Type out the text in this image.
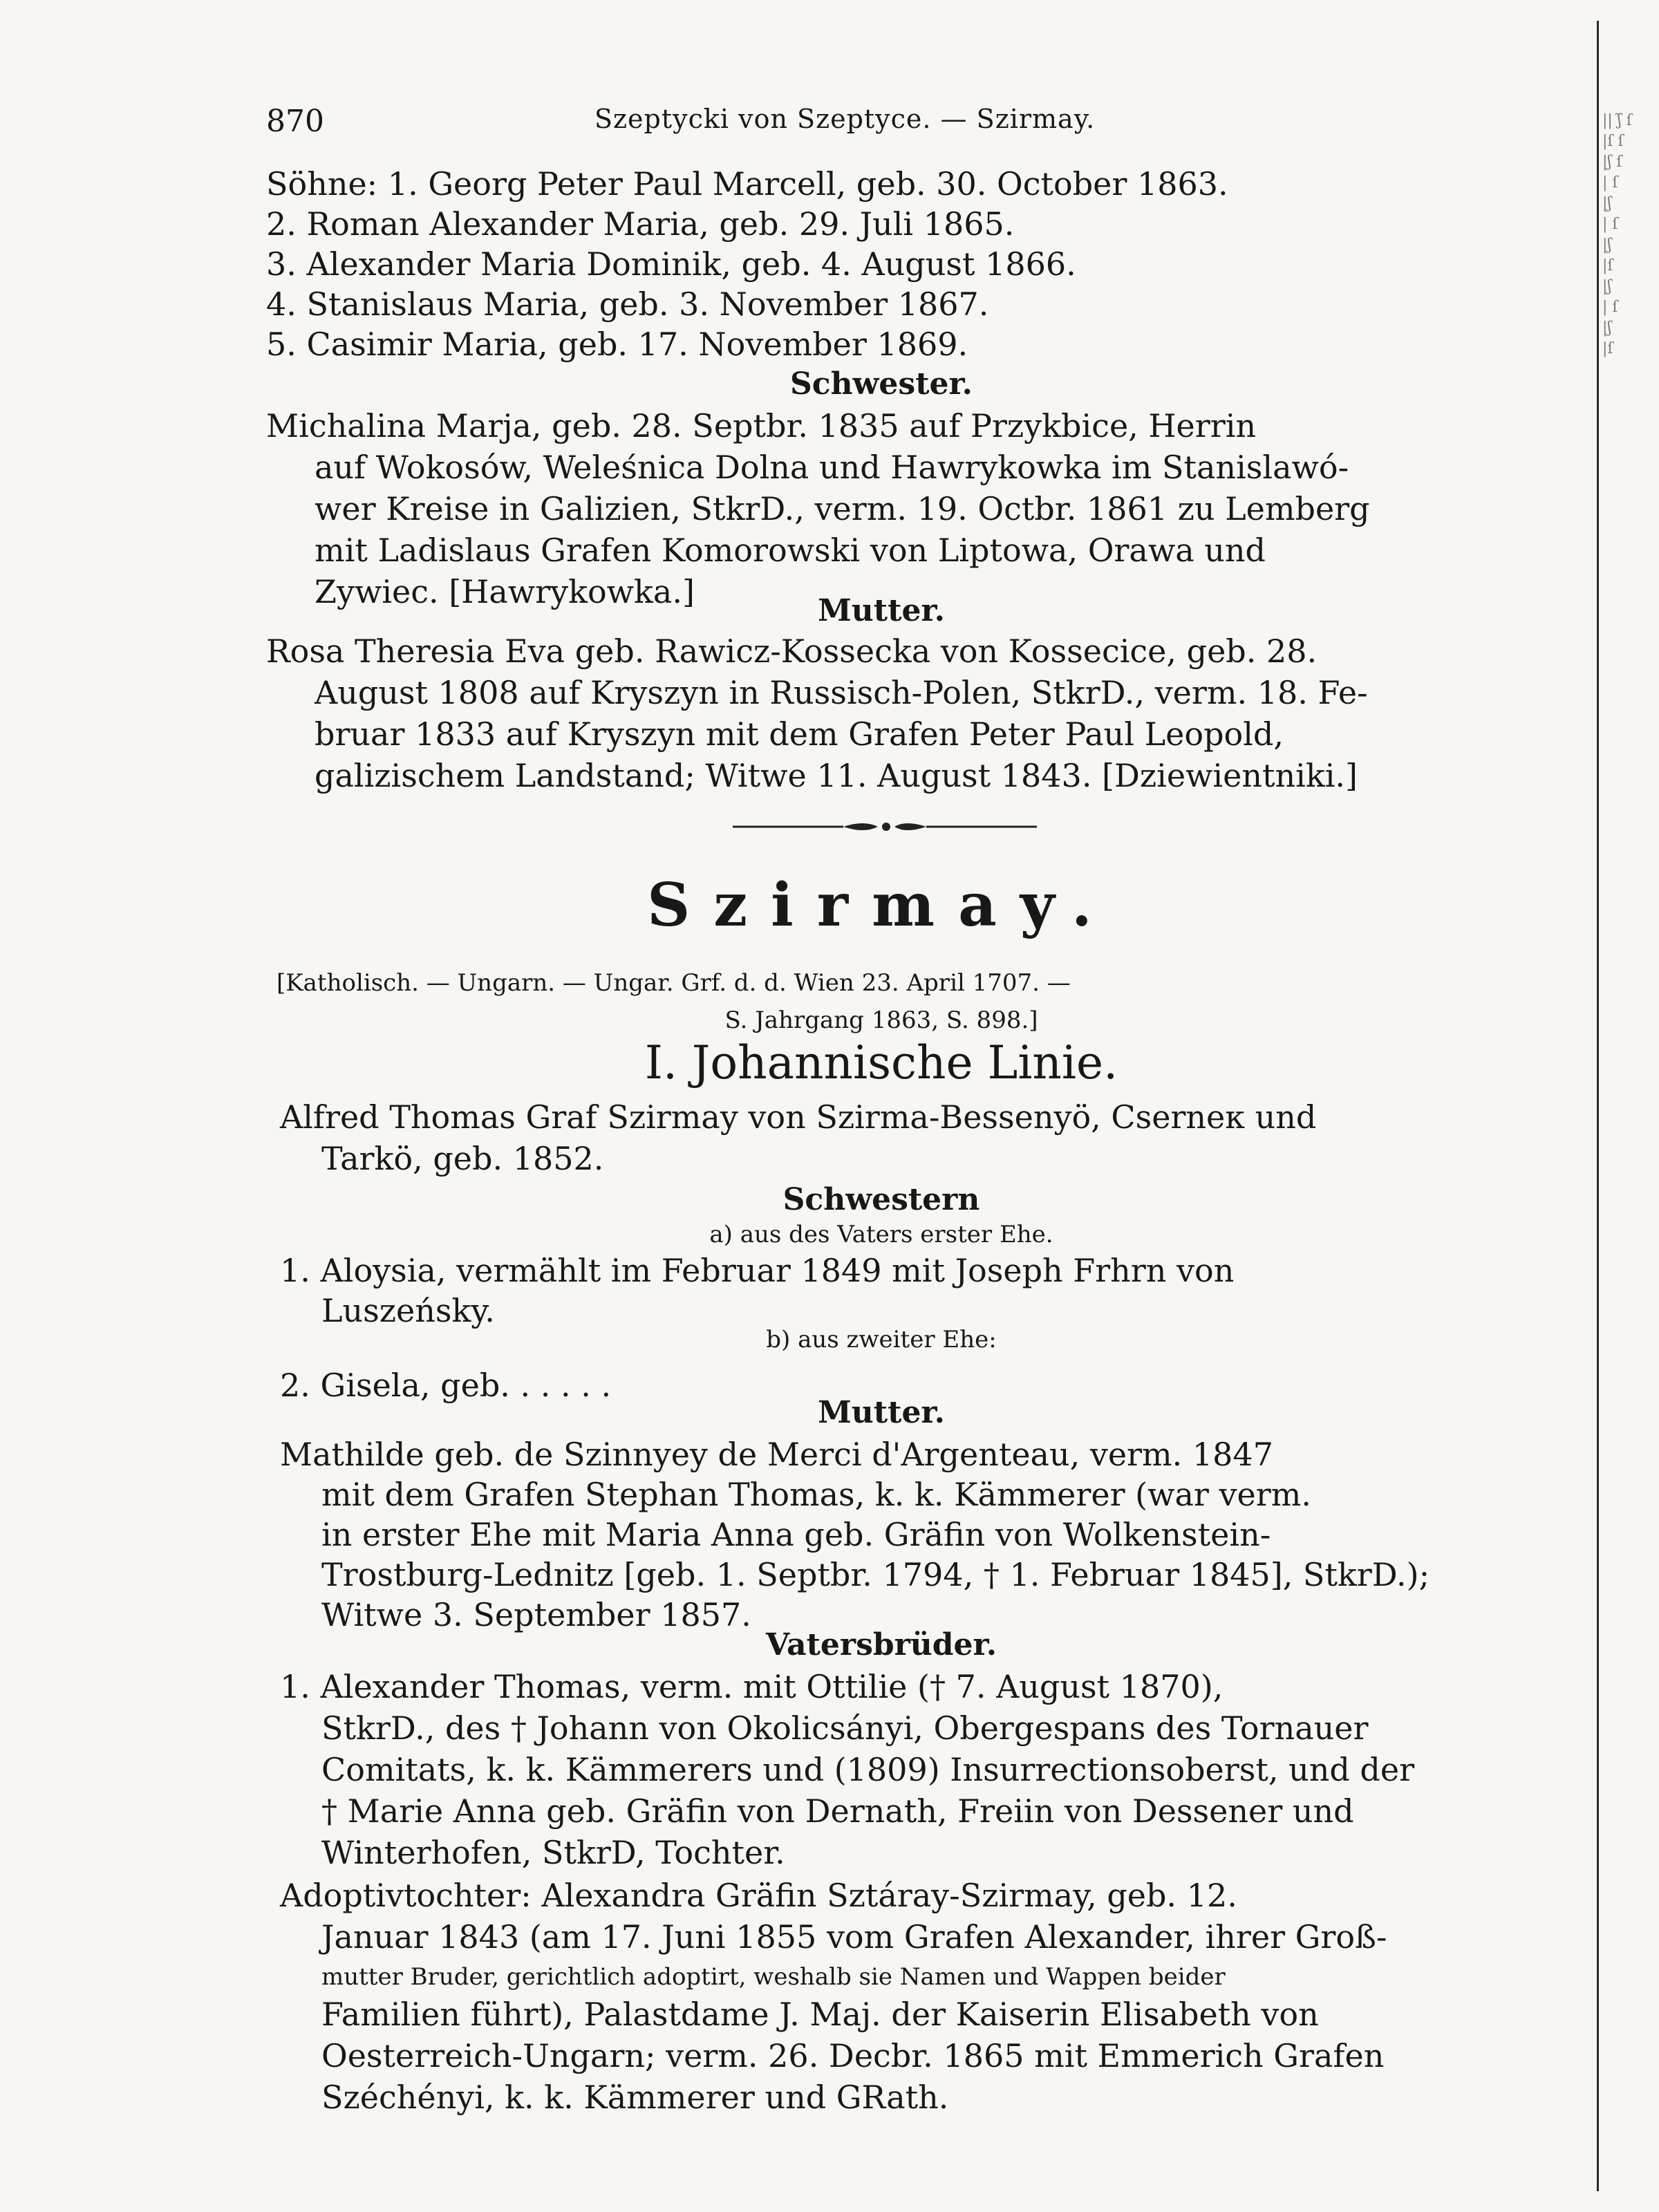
|| ʃ̃ ſ
|ſ ſ
|ʃ ſ
| ſ
|ʃ
| ſ
|ʃ
|ſ
|ʃ
| ſ
|ʃ
|ſ
870	Szeptycki von Szeptyce. — Szirmay.
Söhne: 1. Georg Peter Paul Marcell, geb. 30. October 1863.
2. Roman Alexander Maria, geb. 29. Juli 1865.
3. Alexander Maria Dominik, geb. 4. August 1866.
4. Stanislaus Maria, geb. 3. November 1867.
5. Casimir Maria, geb. 17. November 1869.
Schwester.
Michalina Marja, geb. 28. Septbr. 1835 auf Przykbice, Herrin
auf Wokosów, Weleśnica Dolna und Hawrykowka im Stanislawó-
wer Kreise in Galizien, StkrD., verm. 19. Octbr. 1861 zu Lemberg
mit Ladislaus Grafen Komorowski von Liptowa, Orawa und
Zywiec. [Hawrykowka.]
Mutter.
Rosa Theresia Eva geb. Rawicz-Kossecka von Kossecice, geb. 28.
August 1808 auf Kryszyn in Russisch-Polen, StkrD., verm. 18. Fe-
bruar 1833 auf Kryszyn mit dem Grafen Peter Paul Leopold,
galizischem Landstand; Witwe 11. August 1843. [Dziewientniki.]
Szirmay.
[Katholisch. — Ungarn. — Ungar. Grf. d. d. Wien 23. April 1707. —
S. Jahrgang 1863, S. 898.]
I. Johannische Linie.
Alfred Thomas Graf Szirmay von Szirma-Bessenyö, Cserneк und
Tarkö, geb. 1852.
Schwestern
a) aus des Vaters erster Ehe.
1. Aloysia, vermählt im Februar 1849 mit Joseph Frhrn von
Luszeńsky.
b) aus zweiter Ehe:
2. Gisela, geb. . . . . .
Mutter.
Mathilde geb. de Szinnyey de Merci d'Argenteau, verm. 1847
mit dem Grafen Stephan Thomas, k. k. Kämmerer (war verm.
in erster Ehe mit Maria Anna geb. Gräfin von Wolkenstein-
Trostburg-Lednitz [geb. 1. Septbr. 1794, † 1. Februar 1845], StkrD.);
Witwe 3. September 1857.
Vatersbrüder.
1. Alexander Thomas, verm. mit Ottilie († 7. August 1870),
StkrD., des † Johann von Okolicsányi, Obergespans des Tornauer
Comitats, k. k. Kämmerers und (1809) Insurrectionsoberst, und der
† Marie Anna geb. Gräfin von Dernath, Freiin von Dessener und
Winterhofen, StkrD, Tochter.
Adoptivtochter: Alexandra Gräfin Sztáray-Szirmay, geb. 12.
Januar 1843 (am 17. Juni 1855 vom Grafen Alexander, ihrer Groß-
mutter Bruder, gerichtlich adoptirt, weshalb sie Namen und Wappen beider
Familien führt), Palastdame J. Maj. der Kaiserin Elisabeth von
Oesterreich-Ungarn; verm. 26. Decbr. 1865 mit Emmerich Grafen
Széchényi, k. k. Kämmerer und GRath.
